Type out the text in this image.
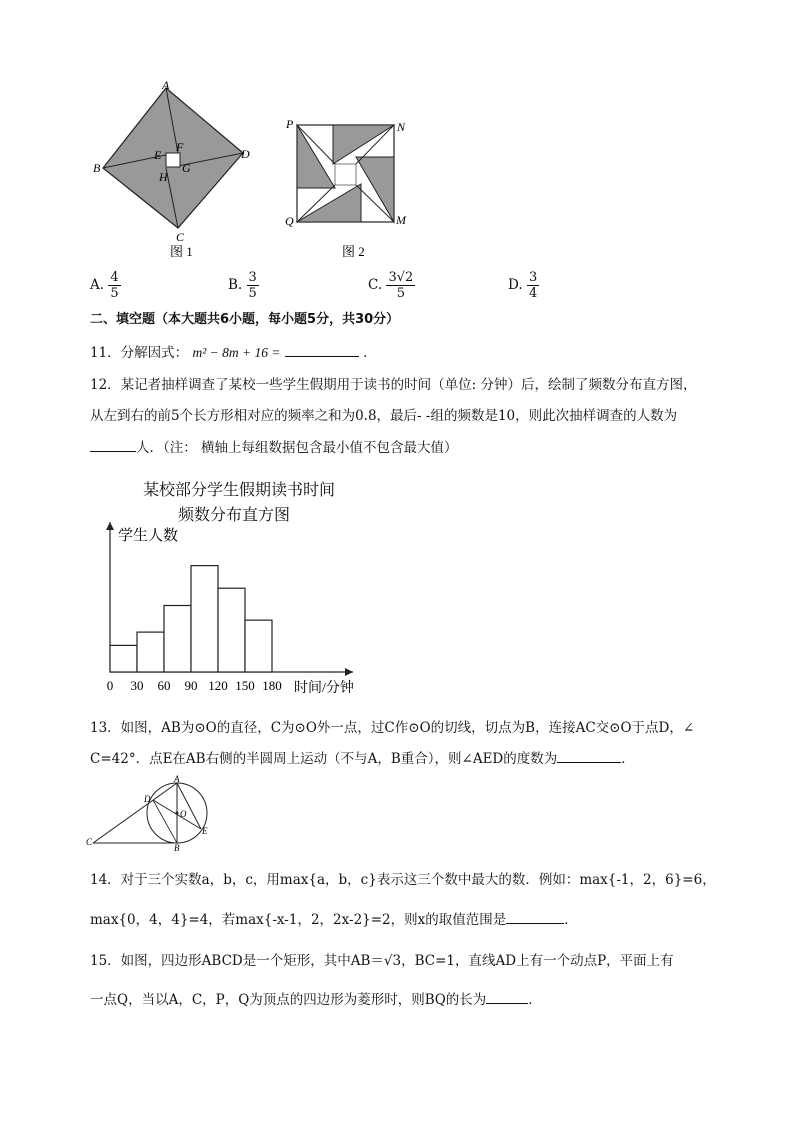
A
B
C
D
E
F
G
H
图 1
P	N
Q	M
图 2
A. $\frac{4}{5}$	B. $\frac{3}{5}$	C. $\frac{3√2}{5}$	D. $\frac{3}{4}$
二、填空题（本大题共6小题，每小题5分，共30分）
11．分解因式： m² − 8m + 16 =	．
12．某记者抽样调查了某校一些学生假期用于读书的时间（单位: 分钟）后，绘制了频数分布直方图，
从左到右的前5个长方形相对应的频率之和为0.8，最后- -组的频数是10，则此次抽样调查的人数为
人．（注： 横轴上每组数据包含最小值不包含最大值）
某校部分学生假期读书时间
频数分布直方图
0 30 60 90 120 150 180
学生人数
时间/分钟
13．如图，AB为⊙O的直径，C为⊙O外一点，过C作⊙O的切线，切点为B，连接AC交⊙O于点D，∠
C=42°．点E在AB右侧的半圆周上运动（不与A，B重合），则∠AED的度数为	．
A
B
C
D
O
E
14．对于三个实数a，b，c，用max{a，b，c}表示这三个数中最大的数．例如：max{-1，2，6}=6，
max{0，4，4}=4，若max{-x-1，2，2x-2}=2，则x的取值范围是	．
15．如图，四边形ABCD是一个矩形，其中AB＝√3，BC=1，直线AD上有一个动点P，平面上有
一点Q，当以A，C，P，Q为顶点的四边形为菱形时，则BQ的长为	．
